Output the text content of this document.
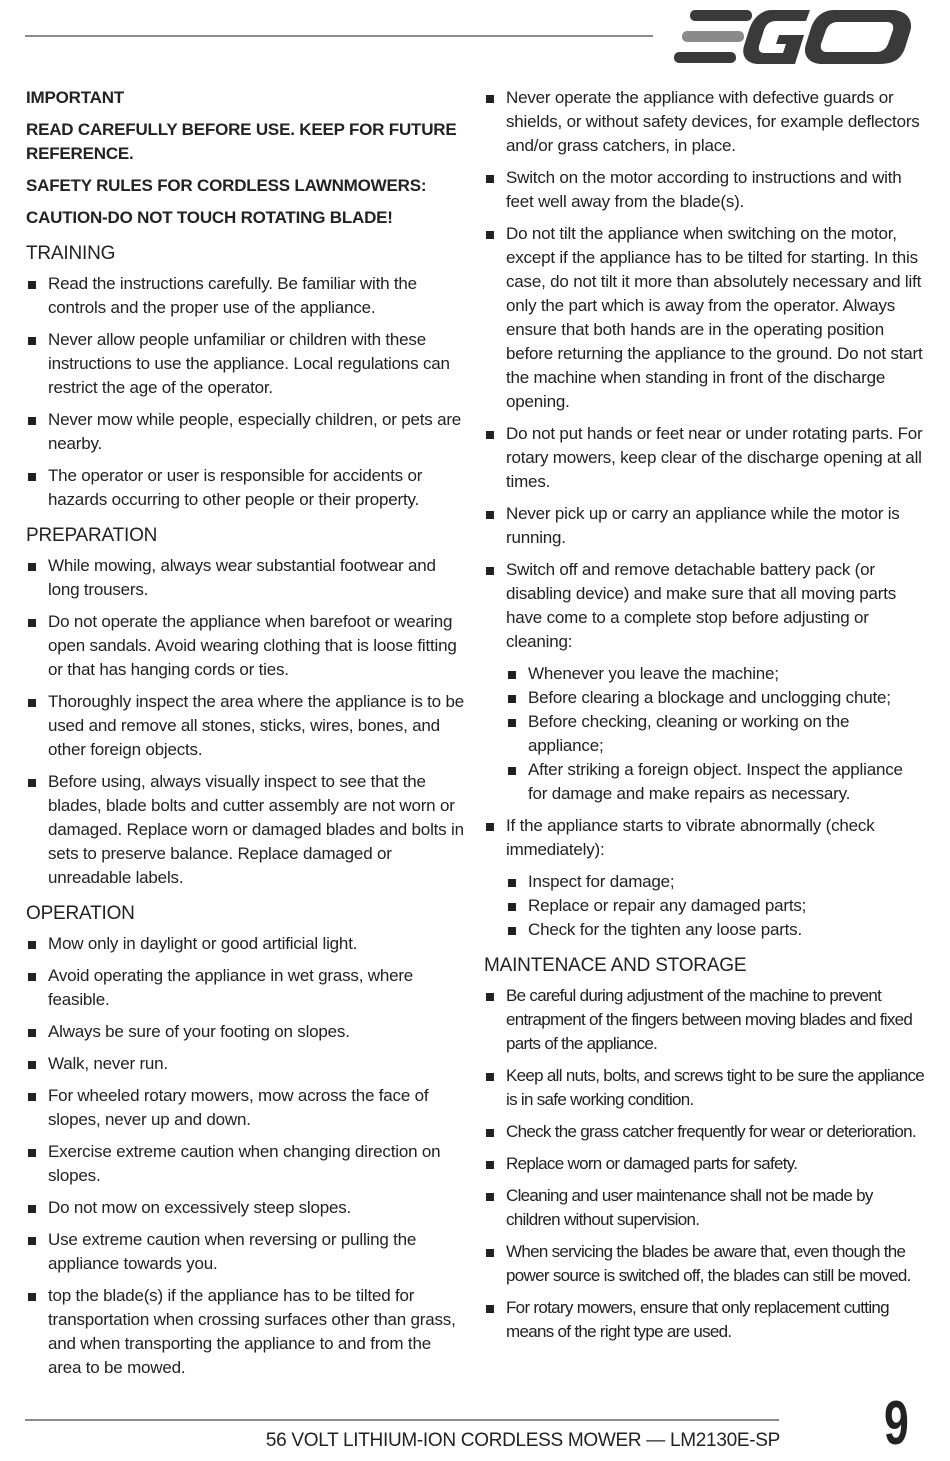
IMPORTANT
READ CAREFULLY BEFORE USE. KEEP FOR FUTURE REFERENCE.
SAFETY RULES FOR CORDLESS LAWNMOWERS:
CAUTION-DO NOT TOUCH ROTATING BLADE!
TRAINING
Read the instructions carefully. Be familiar with the controls and the proper use of the appliance.
Never allow people unfamiliar or children with these instructions to use the appliance. Local regulations can restrict the age of the operator.
Never mow while people, especially children, or pets are nearby.
The operator or user is responsible for accidents or hazards occurring to other people or their property.
PREPARATION
While mowing, always wear substantial footwear and long trousers.
Do not operate the appliance when barefoot or wearing open sandals. Avoid wearing clothing that is loose fitting or that has hanging cords or ties.
Thoroughly inspect the area where the appliance is to be used and remove all stones, sticks, wires, bones, and other foreign objects.
Before using, always visually inspect to see that the blades, blade bolts and cutter assembly are not worn or damaged. Replace worn or damaged blades and bolts in sets to preserve balance. Replace damaged or unreadable labels.
OPERATION
Mow only in daylight or good artificial light.
Avoid operating the appliance in wet grass, where feasible.
Always be sure of your footing on slopes.
Walk, never run.
For wheeled rotary mowers, mow across the face of slopes, never up and down.
Exercise extreme caution when changing direction on slopes.
Do not mow on excessively steep slopes.
Use extreme caution when reversing or pulling the appliance towards you.
top the blade(s) if the appliance has to be tilted for transportation when crossing surfaces other than grass, and when transporting the appliance to and from the area to be mowed.
Never operate the appliance with defective guards or shields, or without safety devices, for example deflectors and/or grass catchers, in place.
Switch on the motor according to instructions and with feet well away from the blade(s).
Do not tilt the appliance when switching on the motor, except if the appliance has to be tilted for starting. In this case, do not tilt it more than absolutely necessary and lift only the part which is away from the operator. Always ensure that both hands are in the operating position before returning the appliance to the ground. Do not start the machine when standing in front of the discharge opening.
Do not put hands or feet near or under rotating parts. For rotary mowers, keep clear of the discharge opening at all times.
Never pick up or carry an appliance while the motor is running.
Switch off and remove detachable battery pack (or disabling device) and make sure that all moving parts have come to a complete stop before adjusting or cleaning:
Whenever you leave the machine;
Before clearing a blockage and unclogging chute;
Before checking, cleaning or working on the appliance;
After striking a foreign object. Inspect the appliance for damage and make repairs as necessary.
If the appliance starts to vibrate abnormally (check immediately):
Inspect for damage;
Replace or repair any damaged parts;
Check for the tighten any loose parts.
MAINTENACE AND STORAGE
Be careful during adjustment of the machine to prevent entrapment of the fingers between moving blades and fixed parts of the appliance.
Keep all nuts, bolts, and screws tight to be sure the appliance is in safe working condition.
Check the grass catcher frequently for wear or deterioration.
Replace worn or damaged parts for safety.
Cleaning and user maintenance shall not be made by children without supervision.
When servicing the blades be aware that, even though the power source is switched off, the blades can still be moved.
For rotary mowers, ensure that only replacement cutting means of the right type are used.
56 VOLT LITHIUM-ION CORDLESS MOWER — LM2130E-SP 9
